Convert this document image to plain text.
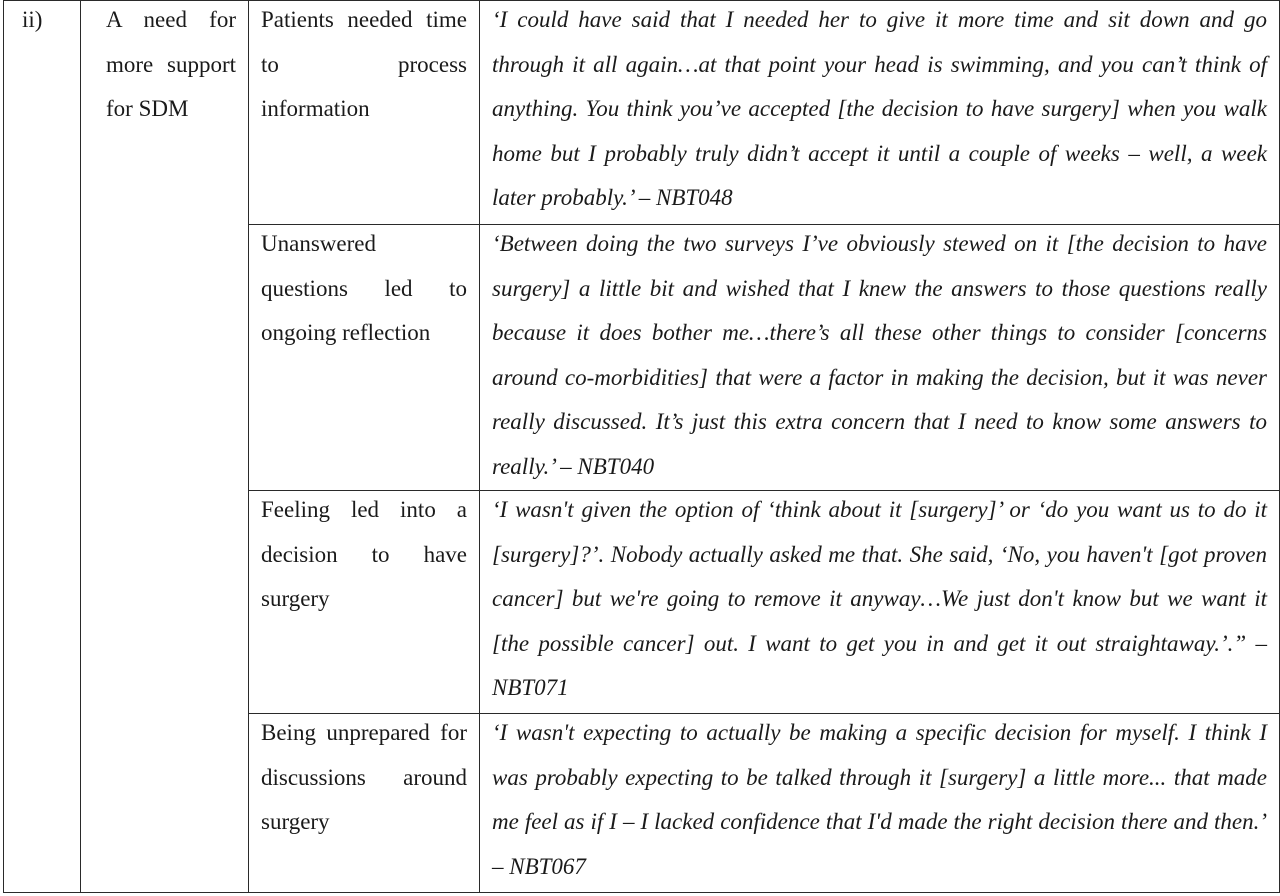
ii)	A need for more support for SDM	Patients needed time to process information	‘I could have said that I needed her to give it more time and sit down and go through it all again…at that point your head is swimming, and you can’t think of anything. You think you’ve accepted [the decision to have surgery] when you walk home but I probably truly didn’t accept it until a couple of weeks – well, a week later probably.’ – NBT048

		Unanswered questions led to ongoing reflection	‘Between doing the two surveys I’ve obviously stewed on it [the decision to have surgery] a little bit and wished that I knew the answers to those questions really because it does bother me…there’s all these other things to consider [concerns around co-morbidities] that were a factor in making the decision, but it was never really discussed. It’s just this extra concern that I need to know some answers to really.’ – NBT040

		Feeling led into a decision to have surgery	‘I wasn't given the option of ‘think about it [surgery]’ or ‘do you want us to do it [surgery]?’. Nobody actually asked me that. She said, ‘No, you haven't [got proven cancer] but we're going to remove it anyway…We just don't know but we want it [the possible cancer] out. I want to get you in and get it out straightaway.’.” – NBT071

		Being unprepared for discussions around surgery	‘I wasn't expecting to actually be making a specific decision for myself. I think I was probably expecting to be talked through it [surgery] a little more... that made me feel as if I – I lacked confidence that I'd made the right decision there and then.’ – NBT067
